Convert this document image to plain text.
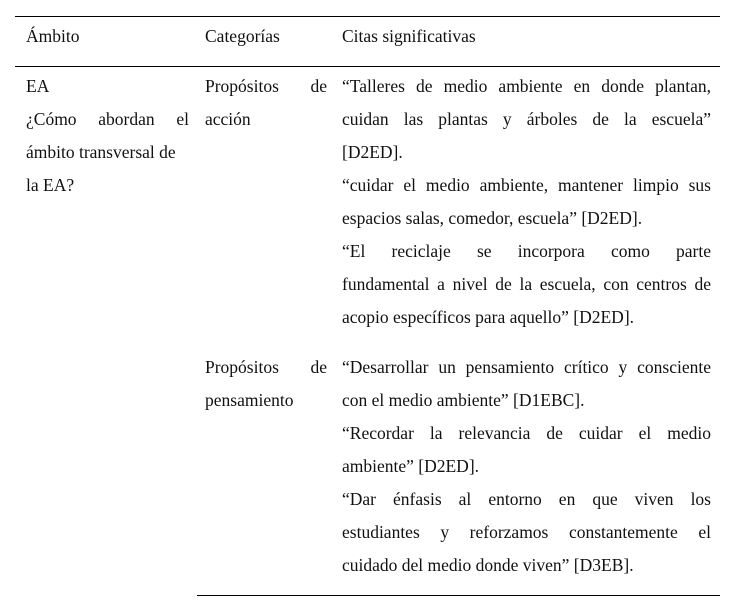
Ámbito	Categorías	Citas significativas
EA
¿Cómo abordan el
ámbito transversal de
la EA?
Propósitos de
acción
“Talleres de medio ambiente en donde plantan,
cuidan las plantas y árboles de la escuela”
[D2ED].
“cuidar el medio ambiente, mantener limpio sus
espacios salas, comedor, escuela” [D2ED].
“El reciclaje se incorpora como parte
fundamental a nivel de la escuela, con centros de
acopio específicos para aquello” [D2ED].
Propósitos de
pensamiento
“Desarrollar un pensamiento crítico y consciente
con el medio ambiente” [D1EBC].
“Recordar la relevancia de cuidar el medio
ambiente” [D2ED].
“Dar énfasis al entorno en que viven los
estudiantes y reforzamos constantemente el
cuidado del medio donde viven” [D3EB].
